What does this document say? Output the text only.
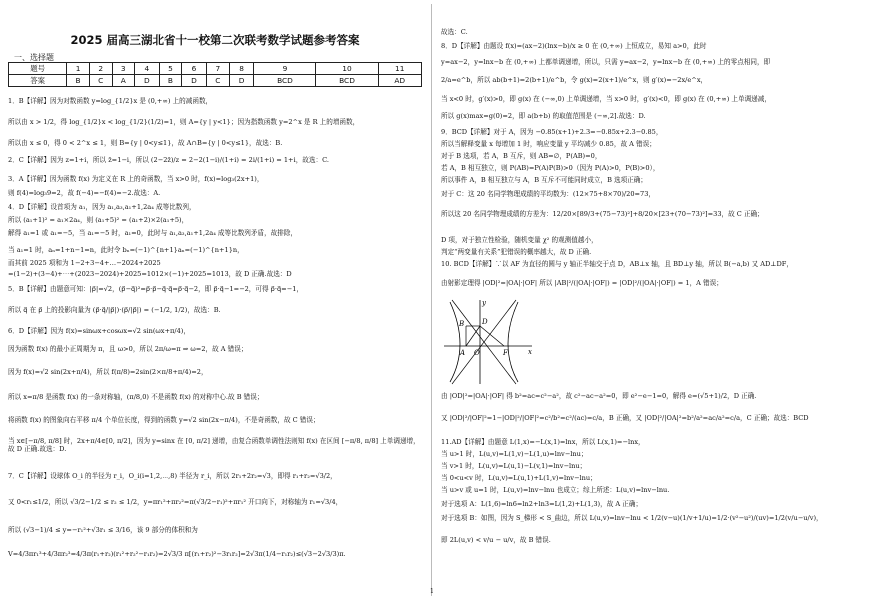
2025 届高三湖北省十一校第二次联考数学试题参考答案
一、选择题
题号	1	2	3	4	5	6	7	8	9	10	11
答案	B	C	A	D	B	D	C	D	BCD	BCD	AD
1．B【详解】因为对数函数 y=log_{1/2}x 是 (0,+∞) 上的减函数，
所以由 x > 1/2，得 log_{1/2}x < log_{1/2}(1/2)=1，则 A={y | y<1}；因为指数函数 y=2^x 是 R 上的增函数，
所以由 x ≤ 0，得 0 < 2^x ≤ 1，则 B={y | 0<y≤1}，故 A∩B={y | 0<y≤1}，故选：B.
2．C【详解】因为 z=1+i，所以 z̄=1−i，所以 (2−2z̄)/z = 2−2(1−i)/(1+i) = 2i/(1+i) = 1+i，故选：C.
3．A【详解】因为函数 f(x) 为定义在 R 上的奇函数，当 x>0 时，f(x)=log₃(2x+1)，
则 f(4)=log₃9=2，故 f(−4)=−f(4)=−2.故选：A.
4．D【详解】设首项为 a₁，因为 a₁,a₃,a₁+1,2a₄ 成等比数列，
所以 (a₁+1)² = a₁×2a₄，则 (a₁+5)² = (a₁+2)×2(a₁+5)，
解得 a₁=1 或 a₁=−5，当 a₁=−5 时，a₁=0，此时与 a₁,a₃,a₁+1,2a₄ 成等比数列矛盾，故排除，
当 a₁=1 时，aₙ=1+n−1=n，此时令 bₙ=(−1)^{n+1}aₙ=(−1)^{n+1}n，
而其前 2025 项和为 1−2+3−4+…−2024+2025
=(1−2)+(3−4)+⋯+(2023−2024)+2025=1012×(−1)+2025=1013，故 D 正确.故选：D
5．B【详解】由题意可知：|p⃗|=√2，(p⃗−q⃗)²=p⃗·p⃗−q⃗·q⃗=p⃗·q⃗−2，即 p⃗·q⃗−1=−2，可得 p⃗·q⃗=−1，
所以 q⃗ 在 p⃗ 上的投影向量为 (p⃗·q⃗/|p⃗|)·(p⃗/|p⃗|) = (−1/2, 1/2)，故选：B.
6．D【详解】因为 f(x)=sinωx+cosωx=√2 sin(ωx+π/4)，
因为函数 f(x) 的最小正周期为 π，且 ω>0，所以 2π/ω=π ⇒ ω=2，故 A 错误；
因为 f(x)=√2 sin(2x+π/4)，所以 f(π/8)=2sin(2×π/8+π/4)=2，
所以 x=π/8 是函数 f(x) 的一条对称轴，(π/8,0) 不是函数 f(x) 的对称中心.故 B 错误；
将函数 f(x) 的图象向右平移 π/4 个单位长度，得到的函数 y=√2 sin(2x−π/4)，不是奇函数，故 C 错误；
当 x∈[−π/8, π/8] 时，2x+π/4∈[0, π/2]，因为 y=sinx 在 [0, π/2] 递增，由复合函数单调性法则知 f(x) 在区间 [−π/8, π/8] 上单调递增，故 D 正确.故选：D.
7．C【详解】设球体 O_i 的半径为 r_i，O_i(i=1,2,⋯,8) 半径为 r_i，所以 2r₁+2r₂=√3，即得 r₁+r₂=√3/2，
又 0<r₁≤1/2，所以 √3/2−1/2 ≤ r₂ ≤ 1/2，y=πr₁²+πr₂²=π(√3/2−r₁)²+πr₁² 开口向下，对称轴为 r₁=√3/4，
所以 (√3−1)/4 ≤ y=−r₁²+√3r₁ ≤ 3/16，该 9 部分的体积和为
V=4/3πr₁³+4/3πr₂³=4/3π(r₁+r₂)(r₁²+r₂²−r₁r₂)=2√3/3 π[(r₁+r₂)²−3r₁r₂]=2√3π(1/4−r₁r₂)≤(√3−2√3/3)π.
故选：C.
8．D【详解】由题设 f(x)=(ax−2)(lnx−b)/x ≥ 0 在 (0,+∞) 上恒成立，易知 a>0，此时
y=ax−2，y=lnx−b 在 (0,+∞) 上都单调递增，所以，只需 y=ax−2，y=lnx−b 在 (0,+∞) 上的零点相同，即
2/a=e^b，所以 ab(b+1)=2(b+1)/e^b，令 g(x)=2(x+1)/e^x，则 g′(x)=−2x/e^x，
当 x<0 时，g′(x)>0，即 g(x) 在 (−∞,0) 上单调递增，当 x>0 时，g′(x)<0，即 g(x) 在 (0,+∞) 上单调递减，
所以 g(x)max=g(0)=2，即 a(b+b) 的取值范围是 (−∞,2].故选：D.
9．BCD【详解】对于 A，因为 −0.85(x+1)+2.3=−0.85x+2.3−0.85，
所以当解释变量 x 每增加 1 时，响应变量 y 平均减少 0.85，故 A 错误；
对于 B 选项，若 A，B 互斥，则 AB=∅，P(AB)=0，
若 A，B 相互独立，则 P(AB)=P(A)P(B)>0（因为 P(A)>0，P(B)>0），
所以事件 A，B 相互独立与 A，B 互斥不可能同时成立，B 选项正确；
对于 C：这 20 名同学物理成绩的平均数为：(12×75+8×70)/20=73，
所以这 20 名同学物理成绩的方差为：12/20×[89/3+(75−73)²]+8/20×[23+(70−73)²]=33，故 C 正确；
D 项，对于独立性检验，随机变量 χ² 的观测值越小，
判定“两变量有关系”犯错误的概率越大，故 D 正确.
10. BCD【详解】∵以 AF 为直径的圆与 y 轴正半轴交于点 D，AB⊥x 轴，且 BD⊥y 轴，所以 B(−a,b) 又 AD⊥DF，
由射影定理得 |OD|²=|OA|·|OF| 所以 |AB|²/(|OA|·|OF|) = |OD|²/(|OA|·|OF|) = 1，A 错误；
由 |OD|²=|OA|·|OF| 得 b²=ac=c²−a²，故 c²−ac−a²=0，即 e²−e−1=0，解得 e=(√5+1)/2，D 正确.
又 |OD|²/|OF|²=1−|OD|²/|OF|²=c²/b²=c²/(ac)=c/a，B 正确，又 |OD|²/|OA|²=b²/a²=ac/a²=c/a，C 正确；故选：BCD
11.AD【详解】由题意 L(1,x)=−L(x,1)=lnx，所以 L(x,1)=−lnx，
当 u>1 时，L(u,v)=L(1,v)−L(1,u)=lnv−lnu；
当 v>1 时，L(u,v)=L(u,1)−L(v,1)=lnv−lnu；
当 0<u<v 时，L(u,v)=L(u,1)+L(1,v)=lnv−lnu；
当 u>v 或 u=1 时，L(u,v)=lnv−lnu 也成立；综上所述：L(u,v)=lnv−lnu.
对于选项 A：L(1,6)=ln6=ln2+ln3=L(1,2)+L(1,3)，故 A 正确；
对于选项 B：如图，因为 S_梯形 < S_曲边，所以 L(u,v)=lnv−lnu < 1/2(v−u)(1/v+1/u)=1/2·(v²−u²)/(uv)=1/2(v/u−u/v)，
即 2L(u,v) < v/u − u/v，故 B 错误.
y
x
A O	F
B	D
1
